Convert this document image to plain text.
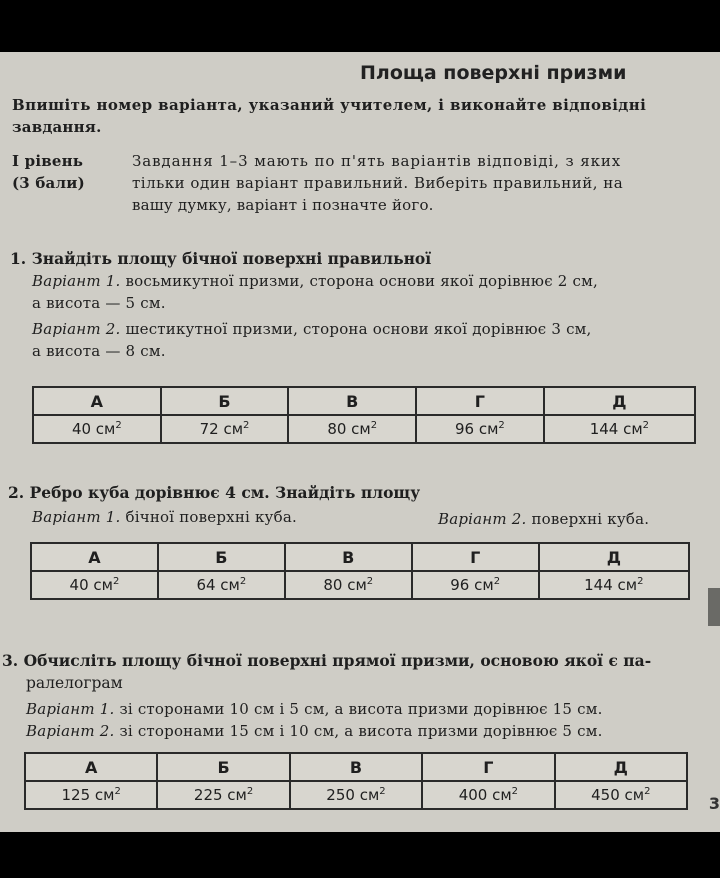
Площа поверхні призми
Впишіть номер варіанта, указаний учителем, і виконайте відповідні
завдання.
I рівень
(3 бали)
Завдання 1–3 мають по п'ять варіантів відповіді, з яких
тільки один варіант правильний. Виберіть правильний, на
вашу думку, варіант і позначте його.
1. Знайдіть площу бічної поверхні правильної
Варіант 1. восьмикутної призми, сторона основи якої дорівнює 2 см,
а висота — 5 см.
Варіант 2. шестикутної призми, сторона основи якої дорівнює 3 см,
а висота — 8 см.
А	Б	В	Г	Д
40 $см^2$	72 $см^2$	80 $см^2$	96 $см^2$	144 $см^2$
2. Ребро куба дорівнює 4 см. Знайдіть площу
Варіант 1. бічної поверхні куба.	Варіант 2. поверхні куба.
А	Б	В	Г	Д
40 $см^2$	64 $см^2$	80 $см^2$	96 $см^2$	144 $см^2$
3. Обчисліть площу бічної поверхні прямої призми, основою якої є па-
ралелограм
Варіант 1. зі сторонами 10 см і 5 см, а висота призми дорівнює 15 см.
Варіант 2. зі сторонами 15 см і 10 см, а висота призми дорівнює 5 см.
А	Б	В	Г	Д
125 $см^2$	225 $см^2$	250 $см^2$	400 $см^2$	450 $см^2$
3
